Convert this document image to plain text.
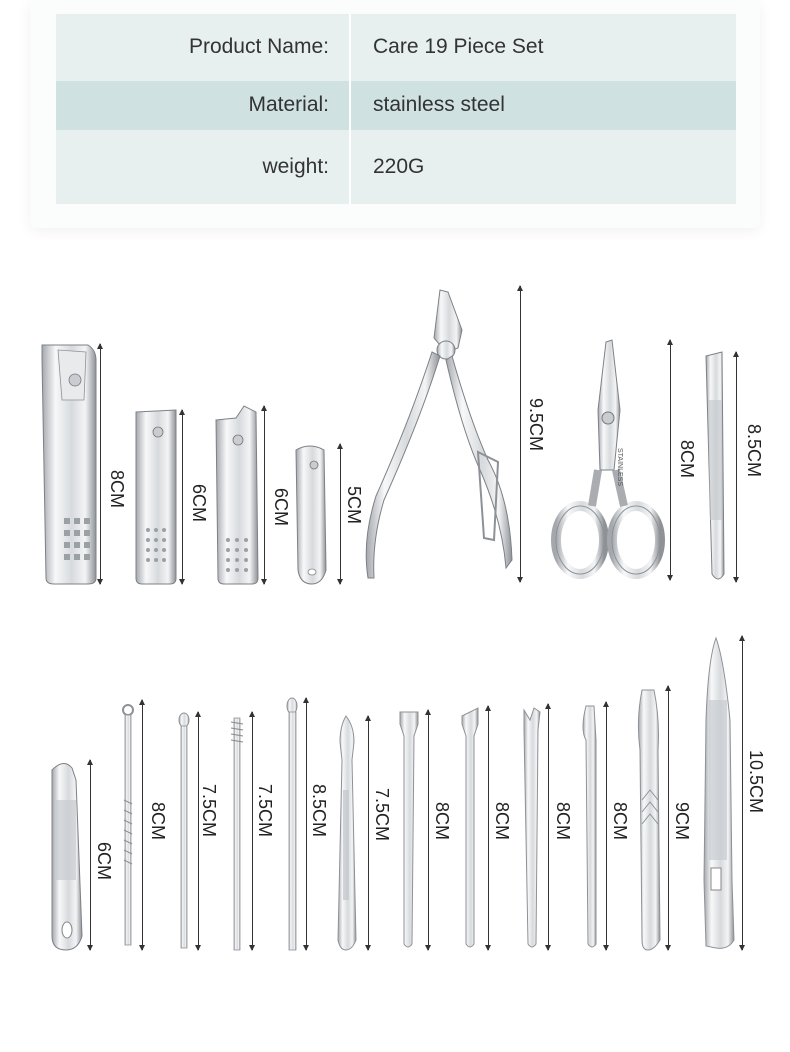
Product Name:	Care 19 Piece Set
Material:	stainless steel
weight:	220G
STAINLESS
8CM	6CM	6CM	5CM
9.5CM
8CM	8.5CM
6CM
8CM 7.5CM 7.5CM 8.5CM 7.5CM 8CM 8CM 8CM 8CM 9CM
10.5CM
